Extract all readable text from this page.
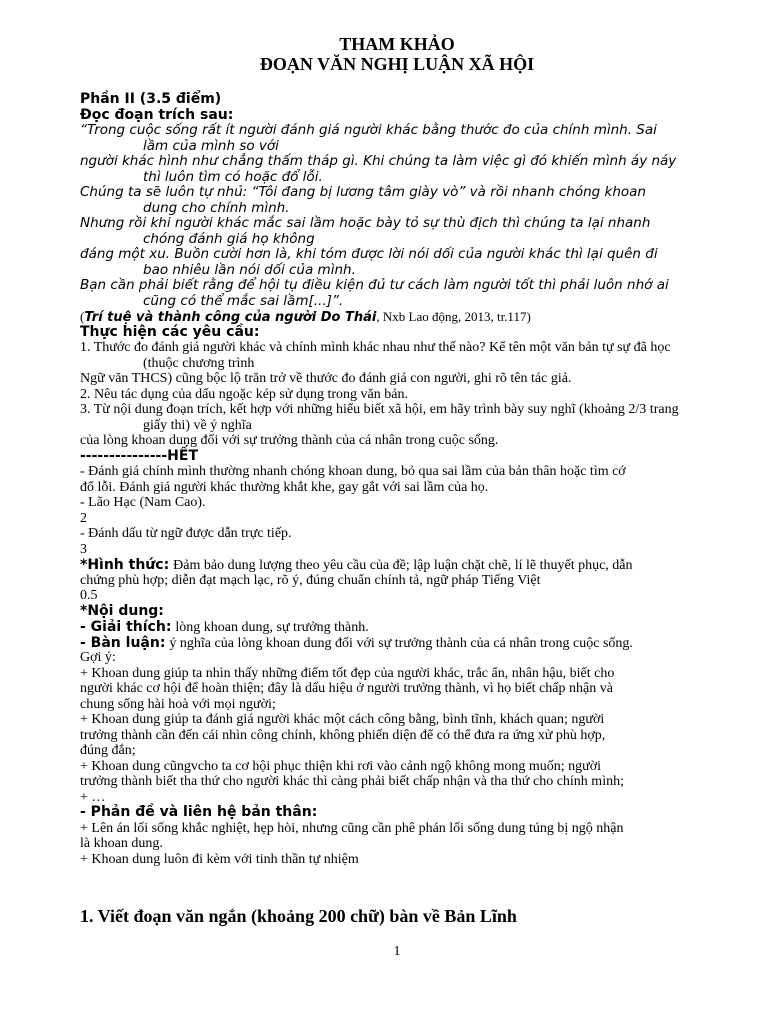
THAM KHẢO
ĐOẠN VĂN NGHỊ LUẬN XÃ HỘI
Phần II (3.5 điểm)
Đọc đoạn trích sau:
“Trong cuộc sống rất ít người đánh giá người khác bằng thước đo của chính mình. Sai
lầm của mình so với
người khác hình như chẳng thấm tháp gì. Khi chúng ta làm việc gì đó khiến mình áy náy
thì luôn tìm có hoặc đổ lỗi.
Chúng ta sẽ luôn tự nhủ: “Tôi đang bị lương tâm giày vò” và rồi nhanh chóng khoan
dung cho chính mình.
Nhưng rồi khi người khác mắc sai lầm hoặc bày tỏ sự thù địch thì chúng ta lại nhanh
chóng đánh giá họ không
đáng một xu. Buồn cười hơn là, khi tóm được lời nói dối của người khác thì lại quên đi
bao nhiêu lần nói dối của mình.
Bạn cần phải biết rằng để hội tụ điều kiện đủ tư cách làm người tốt thì phải luôn nhớ ai
cũng có thể mắc sai lầm[...]”.
(Trí tuệ và thành công của người Do Thái, Nxb Lao động, 2013, tr.117)
Thực hiện các yêu cầu:
1. Thước đo đánh giá người khác và chính mình khác nhau như thế nào? Kể tên một văn bản tự sự đã học
(thuộc chương trình
Ngữ văn THCS) cũng bộc lộ trăn trở về thước đo đánh giá con người, ghi rõ tên tác giả.
2. Nêu tác dụng của dấu ngoặc kép sử dụng trong văn bản.
3. Từ nội dung đoạn trích, kết hợp với những hiểu biết xã hội, em hãy trình bày suy nghĩ (khoảng 2/3 trang
giấy thi) về ý nghĩa
của lòng khoan dung đối với sự trưởng thành của cá nhân trong cuộc sống.
---------------HẾT
- Đánh giá chính mình thường nhanh chóng khoan dung, bỏ qua sai lầm của bản thân hoặc tìm cớ
đổ lỗi. Đánh giá người khác thường khắt khe, gay gắt với sai lầm của họ.
- Lão Hạc (Nam Cao).
2
- Đánh dấu từ ngữ được dẫn trực tiếp.
3
*Hình thức: Đảm bảo dung lượng theo yêu cầu của đề; lập luận chặt chẽ, lí lẽ thuyết phục, dẫn
chứng phù hợp; diễn đạt mạch lạc, rõ ý, đúng chuẩn chính tả, ngữ pháp Tiếng Việt
0.5
*Nội dung:
- Giải thích: lòng khoan dung, sự trưởng thành.
- Bàn luận: ý nghĩa của lòng khoan dung đối với sự trưởng thành của cá nhân trong cuộc sống.
Gợi ý:
+ Khoan dung giúp ta nhìn thấy những điểm tốt đẹp của người khác, trắc ẩn, nhân hậu, biết cho
người khác cơ hội để hoàn thiện; đây là dấu hiệu ở người trưởng thành, vì họ biết chấp nhận và
chung sống hài hoà với mọi người;
+ Khoan dung giúp ta đánh giá người khác một cách công bằng, bình tĩnh, khách quan; người
trưởng thành cần đến cái nhìn công chính, không phiến diện để có thể đưa ra ứng xử phù hợp,
đúng đắn;
+ Khoan dung cũngvcho ta cơ hội phục thiện khi rơi vào cảnh ngộ không mong muốn; người
trưởng thành biết tha thứ cho người khác thì càng phải biết chấp nhận và tha thứ cho chính mình;
+ …
- Phản đề và liên hệ bản thân:
+ Lên án lối sống khắc nghiệt, hẹp hòi, nhưng cũng cần phê phán lối sống dung túng bị ngộ nhận
là khoan dung.
+ Khoan dung luôn đi kèm với tinh thần tự nhiệm
1. Viết đoạn văn ngắn (khoảng 200 chữ) bàn về Bản Lĩnh
1
